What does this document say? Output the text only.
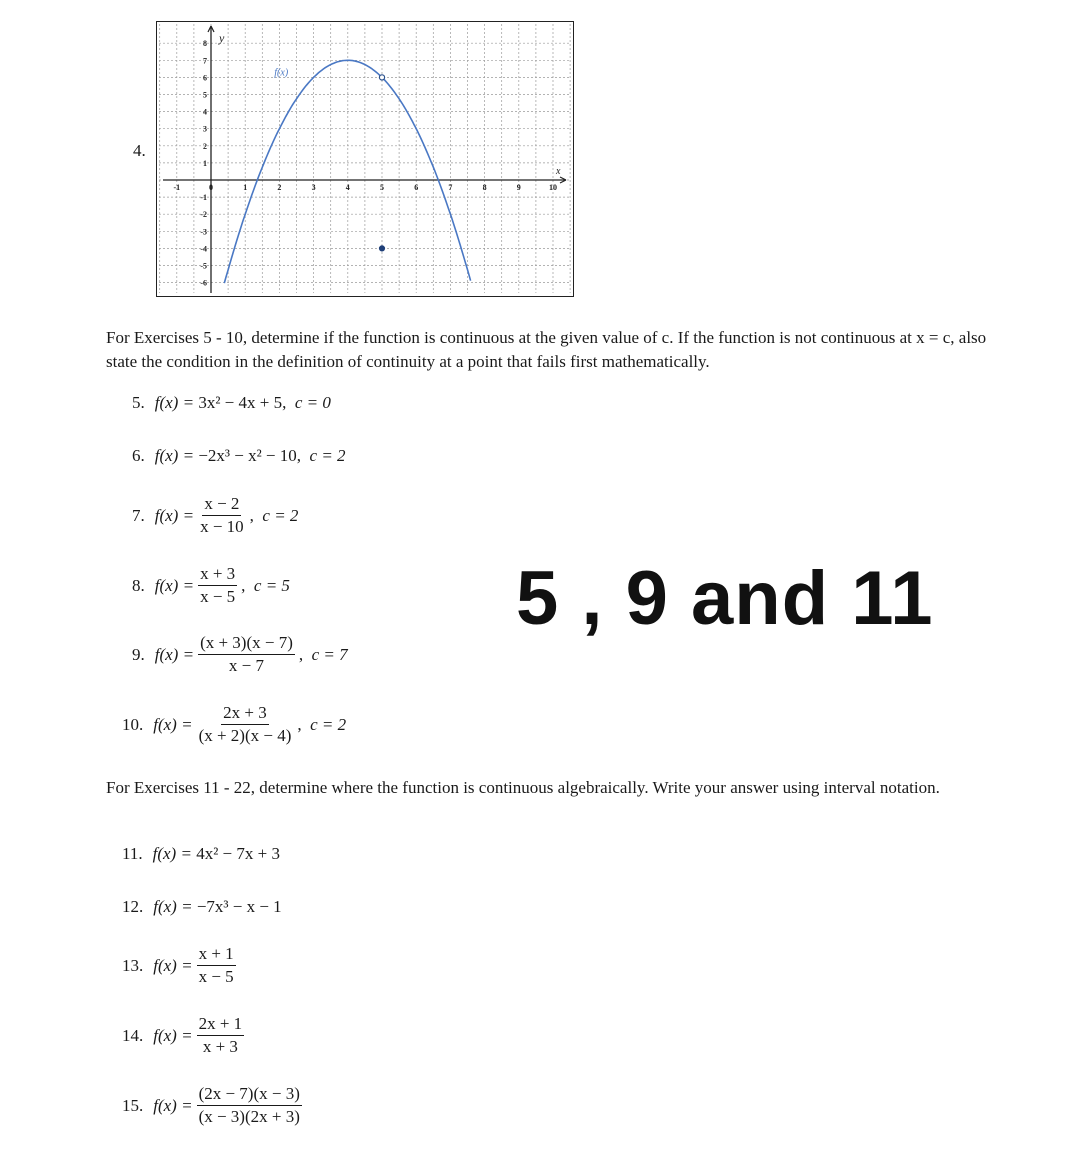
4.
-1	0	1	2	3	4	5	6	7	8	9	10
8
7
6
5
4
3
2
1
-1
-2
-3
-4
-5
-6
y
x
f(x)
For Exercises 5 - 10, determine if the function is continuous at the given value of c. If the function is not continuous at x = c, also state the condition in the definition of continuity at a point that fails first mathematically.
5. f(x) =
3x² − 4x + 5,
c = 0
6. f(x) =
−2x³ − x² − 10,
c = 2
7. $f(x) = \frac{x - 2}{x - 10}$ ,
c = 2
8. $f(x) = \frac{x + 3}{x - 5}$ ,
c = 5
9. $f(x) = \frac{(x + 3)(x - 7)}{x - 7}$ ,
c = 7
10. $f(x) = \frac{2x + 3}{(x + 2)(x - 4)}$ ,
c = 2
5 , 9 and 11
For Exercises 11 - 22, determine where the function is continuous algebraically. Write your answer using interval notation.
11. f(x) =
4x² − 7x + 3
12. f(x) =
−7x³ − x − 1
13. $f(x) = \frac{x + 1}{x - 5}$
14. $f(x) = \frac{2x + 1}{x + 3}$
15. $f(x) = \frac{(2x - 7)(x - 3)}{(x - 3)(2x + 3)}$
